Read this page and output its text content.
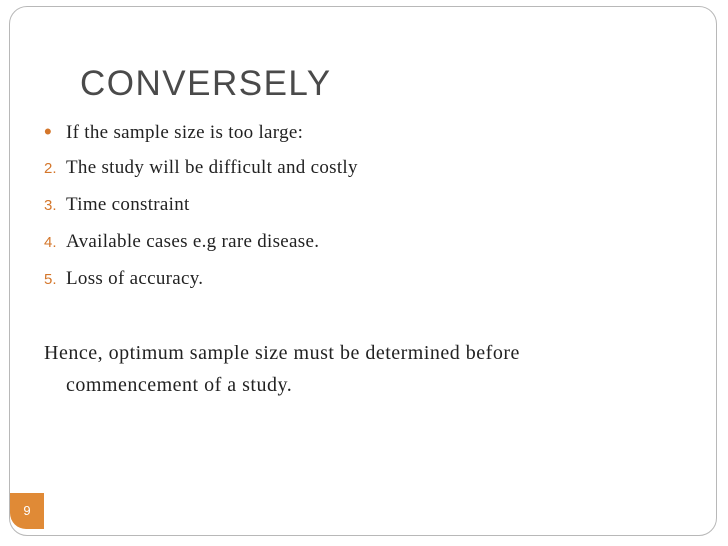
CONVERSELY
• If the sample size is too large:
2. The study will be difficult and costly
3. Time constraint
4. Available cases e.g rare disease.
5. Loss of accuracy.

Hence, optimum sample size must be determined before
commencement of a study.

9
